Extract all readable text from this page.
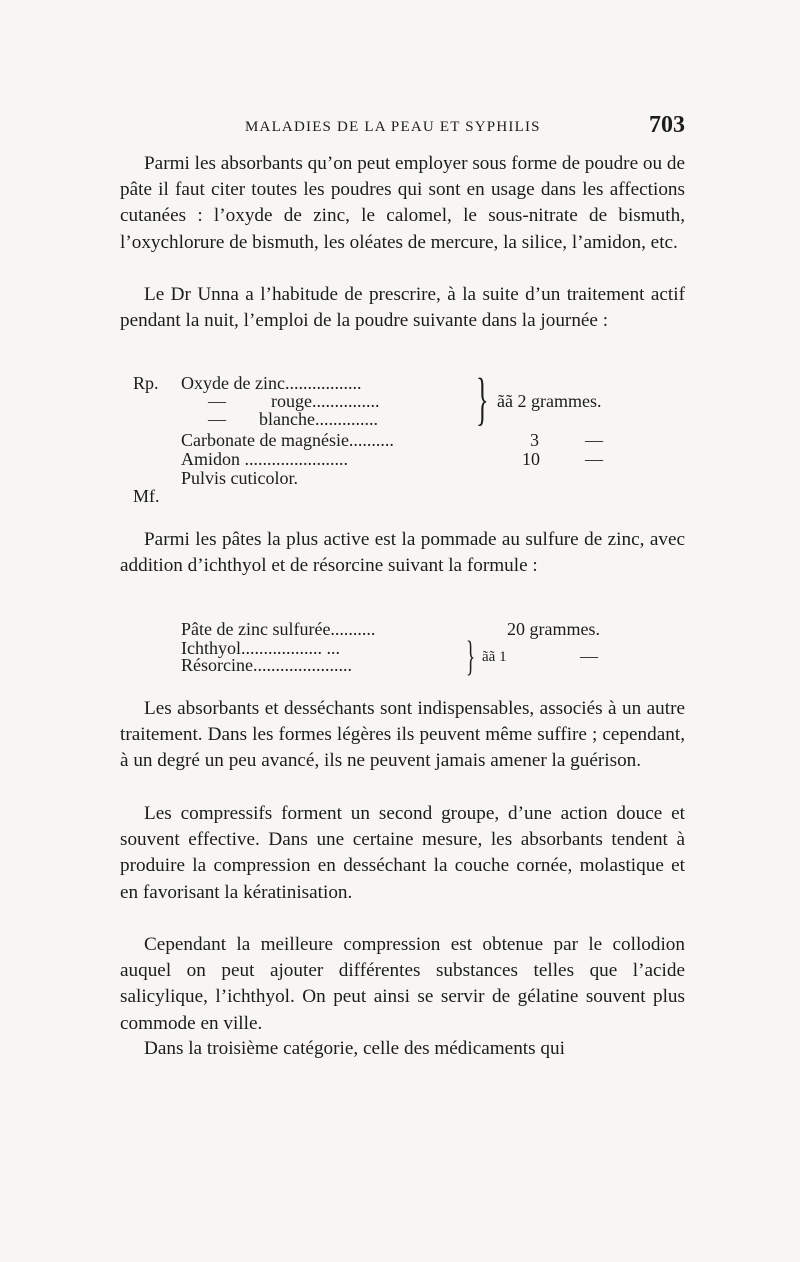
MALADIES DE LA PEAU ET SYPHILIS	703

Parmi les absorbants qu’on peut employer sous forme de poudre ou de pâte il faut citer toutes les poudres qui sont en usage dans les affections cutanées : l’oxyde de zinc, le calomel, le sous-nitrate de bismuth, l’oxychlorure de bismuth, les oléates de mercure, la silice, l’amidon, etc.

Le Dr Unna a l’habitude de prescrire, à la suite d’un traitement actif pendant la nuit, l’emploi de la poudre suivante dans la journée :

Rp. Oxyde de zinc.................
—	rouge...............
— blanche.............. } ãã 2 grammes.
Carbonate de magnésie..........	3	—
Amidon .......................	10	—
Pulvis cuticolor.
Mf.

Parmi les pâtes la plus active est la pommade au sulfure de zinc, avec addition d’ichthyol et de résorcine suivant la formule :

Pâte de zinc sulfurée..........	20 grammes.
Ichthyol.................. ...
Résorcine......................	} ãã 1	—

Les absorbants et desséchants sont indispensables, associés à un autre traitement. Dans les formes légères ils peuvent même suffire ; cependant, à un degré un peu avancé, ils ne peuvent jamais amener la guérison.

Les compressifs forment un second groupe, d’une action douce et souvent effective. Dans une certaine mesure, les absorbants tendent à produire la compression en desséchant la couche cornée, molastique et en favorisant la kératinisation.

Cependant la meilleure compression est obtenue par le collodion auquel on peut ajouter différentes substances telles que l’acide salicylique, l’ichthyol. On peut ainsi se servir de gélatine souvent plus commode en ville.

Dans la troisième catégorie, celle des médicaments qui
